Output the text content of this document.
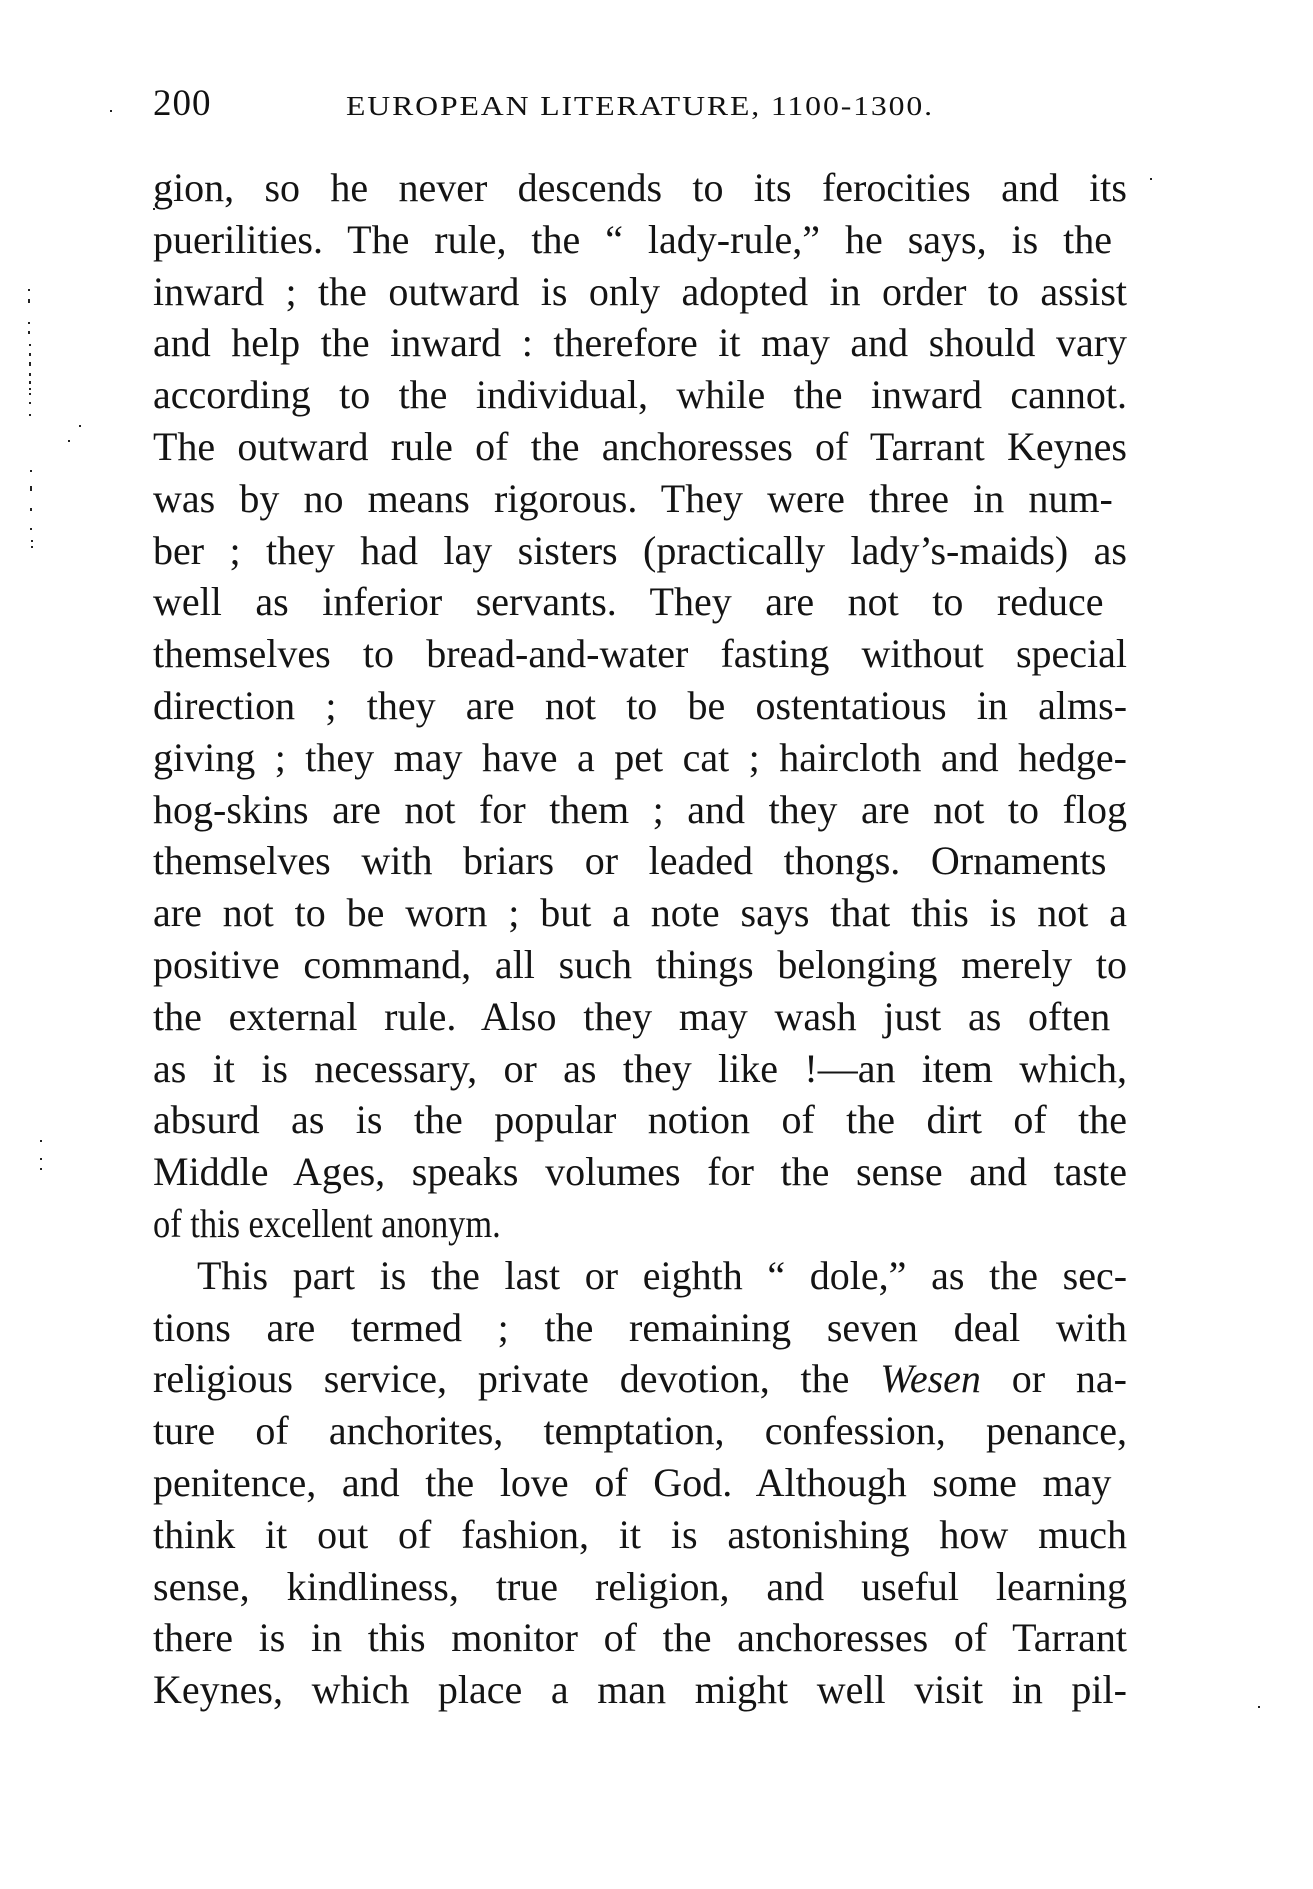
200	EUROPEAN LITERATURE, 1100-1300.
gion, so he never descends to its ferocities and its
puerilities. The rule, the “ lady-rule,” he says, is the
inward ; the outward is only adopted in order to assist
and help the inward : therefore it may and should vary
according to the individual, while the inward cannot.
The outward rule of the anchoresses of Tarrant Keynes
was by no means rigorous. They were three in num-
ber ; they had lay sisters (practically lady’s-maids) as
well as inferior servants. They are not to reduce
themselves to bread-and-water fasting without special
direction ; they are not to be ostentatious in alms-
giving ; they may have a pet cat ; haircloth and hedge-
hog-skins are not for them ; and they are not to flog
themselves with briars or leaded thongs. Ornaments
are not to be worn ; but a note says that this is not a
positive command, all such things belonging merely to
the external rule. Also they may wash just as often
as it is necessary, or as they like !—an item which,
absurd as is the popular notion of the dirt of the
Middle Ages, speaks volumes for the sense and taste
of this excellent anonym.
This part is the last or eighth “ dole,” as the sec-
tions are termed ; the remaining seven deal with
religious service, private devotion, the Wesen or na-
ture of anchorites, temptation, confession, penance,
penitence, and the love of God. Although some may
think it out of fashion, it is astonishing how much
sense, kindliness, true religion, and useful learning
there is in this monitor of the anchoresses of Tarrant
Keynes, which place a man might well visit in pil-
